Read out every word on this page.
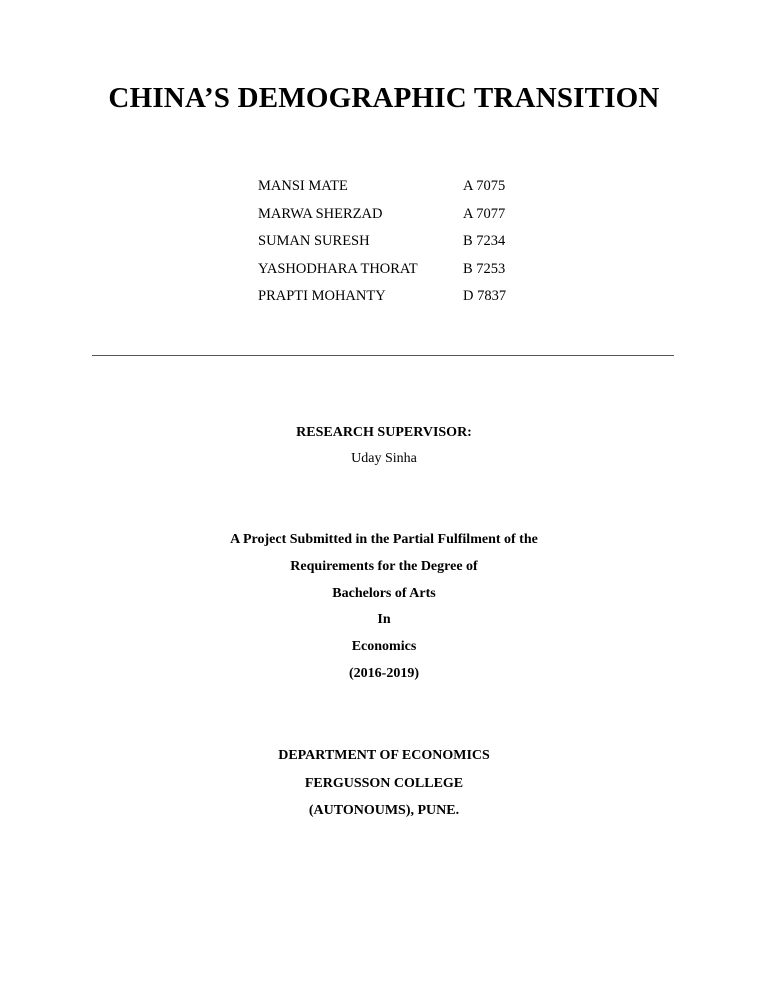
CHINA’S DEMOGRAPHIC TRANSITION
MANSI MATE	A 7075
MARWA SHERZAD	A 7077
SUMAN SURESH	B 7234
YASHODHARA THORAT	B 7253
PRAPTI MOHANTY	D 7837
RESEARCH SUPERVISOR:
Uday Sinha
A Project Submitted in the Partial Fulfilment of the
Requirements for the Degree of
Bachelors of Arts
In
Economics
(2016-2019)
DEPARTMENT OF ECONOMICS
FERGUSSON COLLEGE
(AUTONOUMS), PUNE.
